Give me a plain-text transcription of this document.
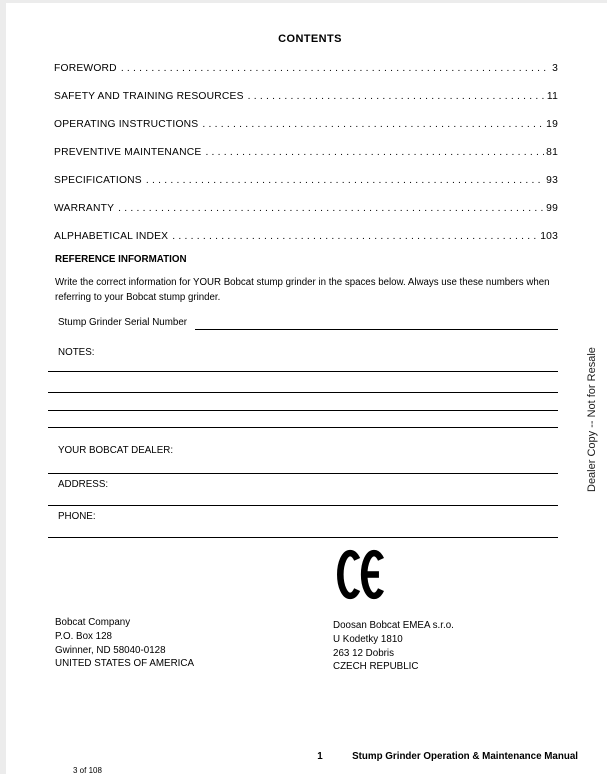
CONTENTS
FOREWORD . . .	3
SAFETY AND TRAINING RESOURCES . . .	11
OPERATING INSTRUCTIONS . . .	19
PREVENTIVE MAINTENANCE . . .	81
SPECIFICATIONS . . .	93
WARRANTY . . .	99
ALPHABETICAL INDEX . . .	103
REFERENCE INFORMATION
Write the correct information for YOUR Bobcat stump grinder in the spaces below. Always use these numbers when referring to your Bobcat stump grinder.
Stump Grinder Serial Number
NOTES:
YOUR BOBCAT DEALER:
ADDRESS:
PHONE:
Bobcat Company
P.O. Box 128
Gwinner, ND 58040-0128
UNITED STATES OF AMERICA
Doosan Bobcat EMEA s.r.o.
U Kodetky 1810
263 12 Dobris
CZECH REPUBLIC
1	Stump Grinder Operation & Maintenance Manual
3 of 108
Dealer Copy -- Not for Resale
